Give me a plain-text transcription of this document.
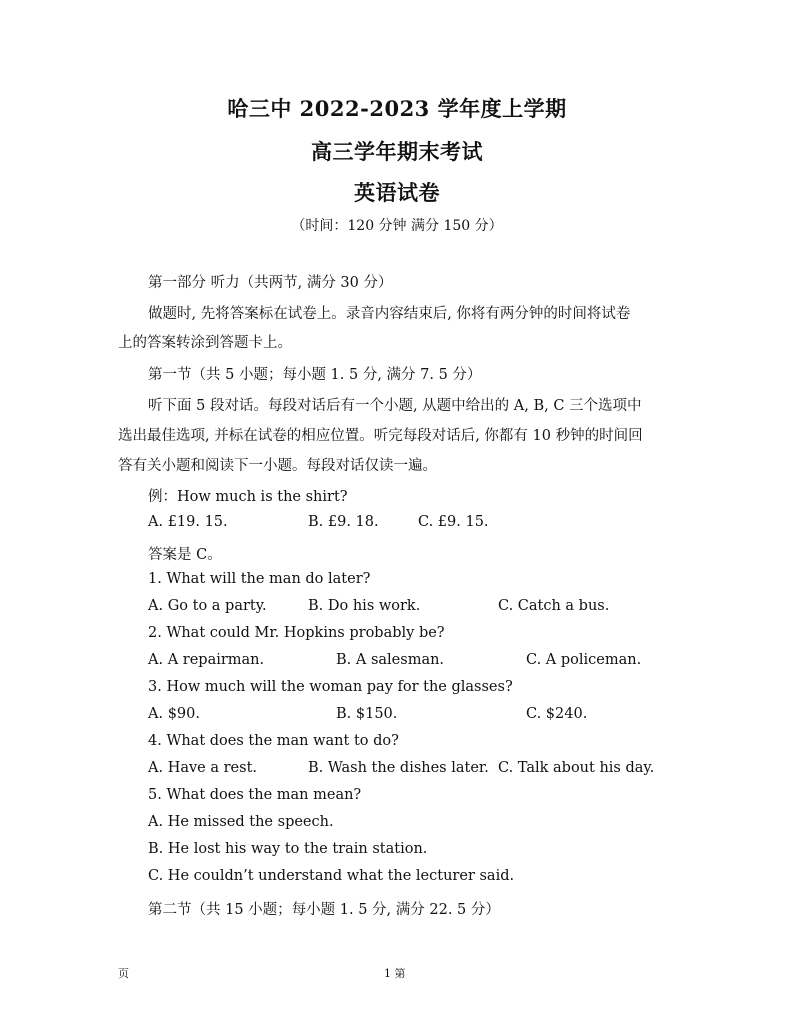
哈三中 2022-2023 学年度上学期
高三学年期末考试
英语试卷
（时间：120 分钟 满分 150 分）
第一部分 听力（共两节, 满分 30 分）
做题时, 先将答案标在试卷上。录音内容结束后, 你将有两分钟的时间将试卷
上的答案转涂到答题卡上。
第一节（共 5 小题；每小题 1. 5 分, 满分 7. 5 分）
听下面 5 段对话。每段对话后有一个小题, 从题中给出的 A, B, C 三个选项中
选出最佳选项, 并标在试卷的相应位置。听完每段对话后, 你都有 10 秒钟的时间回
答有关小题和阅读下一小题。每段对话仅读一遍。
例：How much is the shirt?
A. £19. 15.	B. £9. 18.	C. £9. 15.
答案是 C。
1. What will the man do later?
A. Go to a party.	B. Do his work.	C. Catch a bus.
2. What could Mr. Hopkins probably be?
A. A repairman.	B. A salesman.	C. A policeman.
3. How much will the woman pay for the glasses?
A. $90.	B. $150.	C. $240.
4. What does the man want to do?
A. Have a rest.	B. Wash the dishes later. C. Talk about his day.
5. What does the man mean?
A. He missed the speech.
B. He lost his way to the train station.
C. He couldn’t understand what the lecturer said.
第二节（共 15 小题；每小题 1. 5 分, 满分 22. 5 分）
页	1 第
